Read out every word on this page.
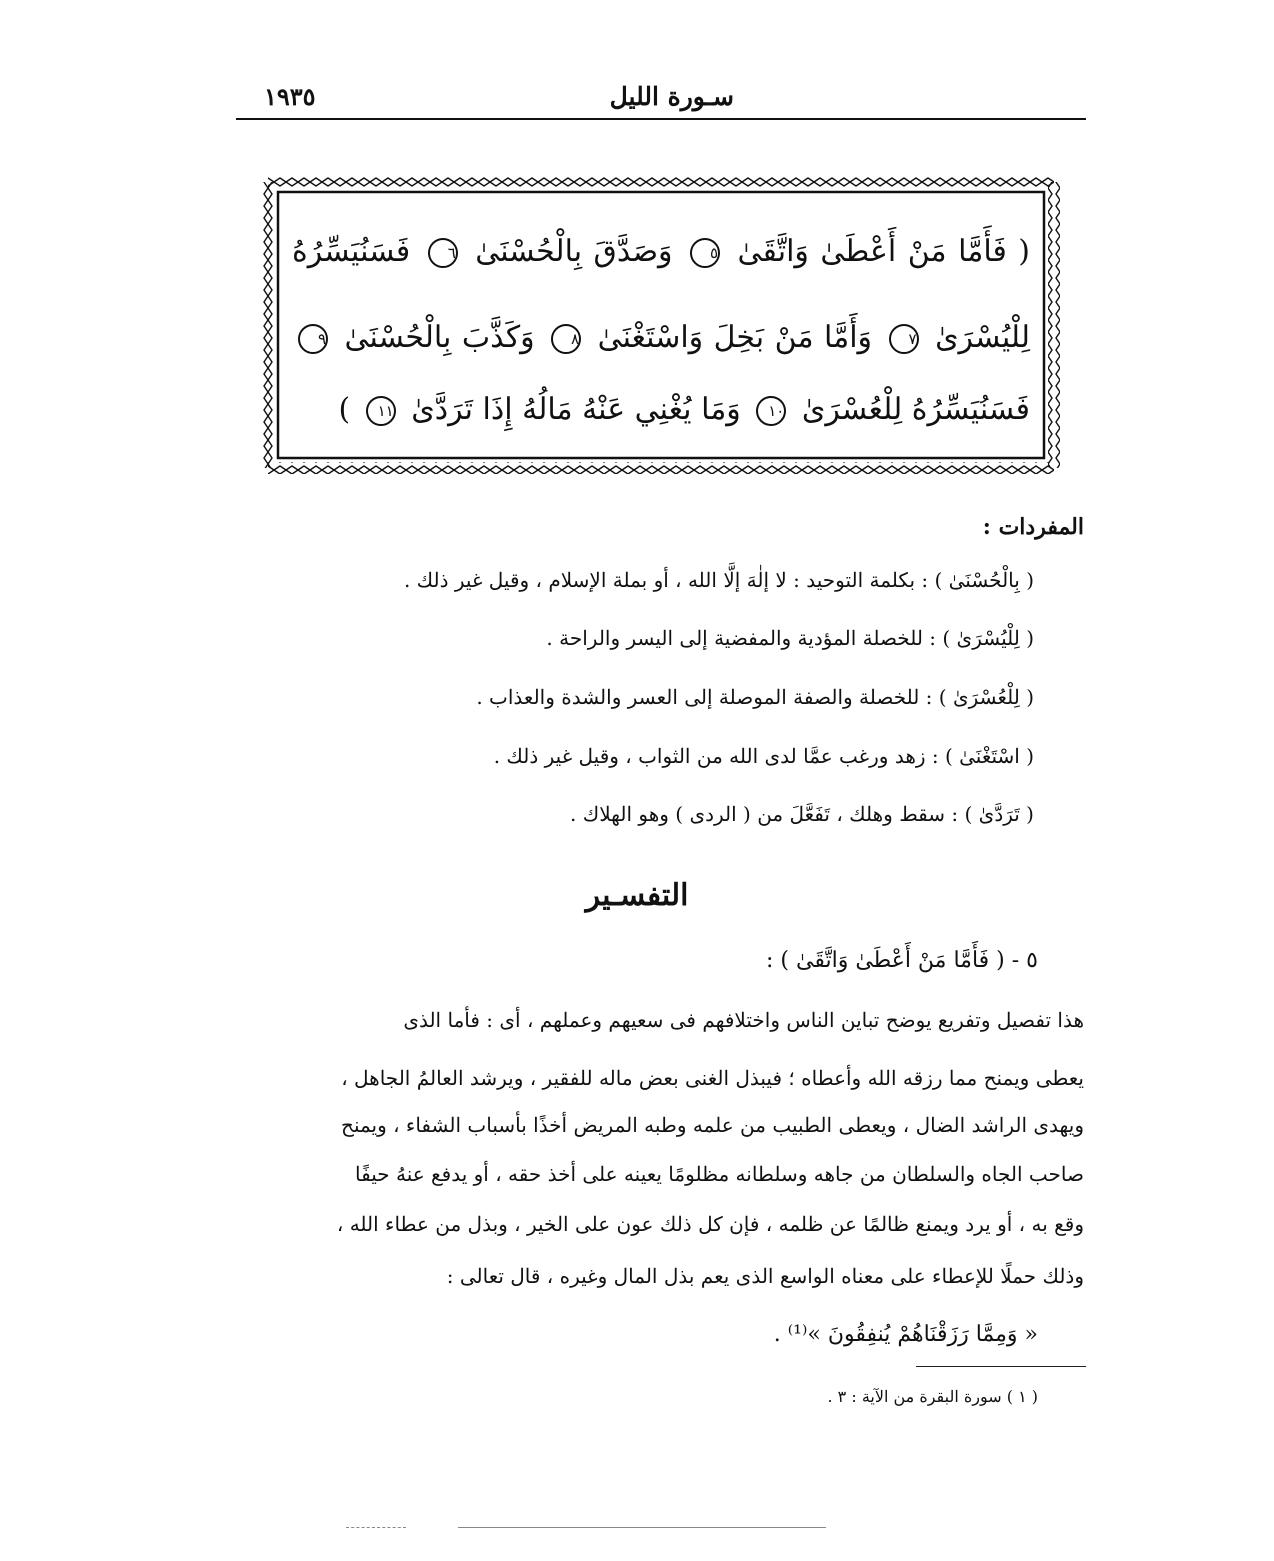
سـورة الليل
١٩٣٥
( فَأَمَّا مَنْ أَعْطَىٰ وَاتَّقَىٰ ٥ وَصَدَّقَ بِالْحُسْنَىٰ ٦ فَسَنُيَسِّرُهُ
لِلْيُسْرَىٰ ٧ وَأَمَّا مَنْ بَخِلَ وَاسْتَغْنَىٰ ٨ وَكَذَّبَ بِالْحُسْنَىٰ ٩
فَسَنُيَسِّرُهُ لِلْعُسْرَىٰ ١٠ وَمَا يُغْنِي عَنْهُ مَالُهُ إِذَا تَرَدَّىٰ ١١ )
المفردات :
( بِالْحُسْنَىٰ ) : بكلمة التوحيد : لا إلٰهَ إلَّا الله ، أو بملة الإسلام ، وقيل غير ذلك .
( لِلْيُسْرَىٰ ) : للخصلة المؤدية والمفضية إلى اليسر والراحة .
( لِلْعُسْرَىٰ ) : للخصلة والصفة الموصلة إلى العسر والشدة والعذاب .
( اسْتَغْنَىٰ ) : زهد ورغب عمَّا لدى الله من الثواب ، وقيل غير ذلك .
( تَرَدَّىٰ ) : سقط وهلك ، تَفَعَّلَ من ( الردى ) وهو الهلاك .
التفسـير
٥ - ( فَأَمَّا مَنْ أَعْطَىٰ وَاتَّقَىٰ ) :
هذا تفصيل وتفريع يوضح تباين الناس واختلافهم فى سعيهم وعملهم ، أى : فأما الذى
يعطى ويمنح مما رزقه الله وأعطاه ؛ فيبذل الغنى بعض ماله للفقير ، ويرشد العالمُ الجاهل ،
ويهدى الراشد الضال ، ويعطى الطبيب من علمه وطبه المريض أخذًا بأسباب الشفاء ، ويمنح
صاحب الجاه والسلطان من جاهه وسلطانه مظلومًا يعينه على أخذ حقه ، أو يدفع عنهُ حيفًا
وقع به ، أو يرد ويمنع ظالمًا عن ظلمه ، فإن كل ذلك عون على الخير ، وبذل من عطاء الله ،
وذلك حملًا للإعطاء على معناه الواسع الذى يعم بذل المال وغيره ، قال تعالى :
« وَمِمَّا رَزَقْنَاهُمْ يُنفِقُونَ »⁽¹⁾ .
( ١ ) سورة البقرة من الآية : ٣ .
